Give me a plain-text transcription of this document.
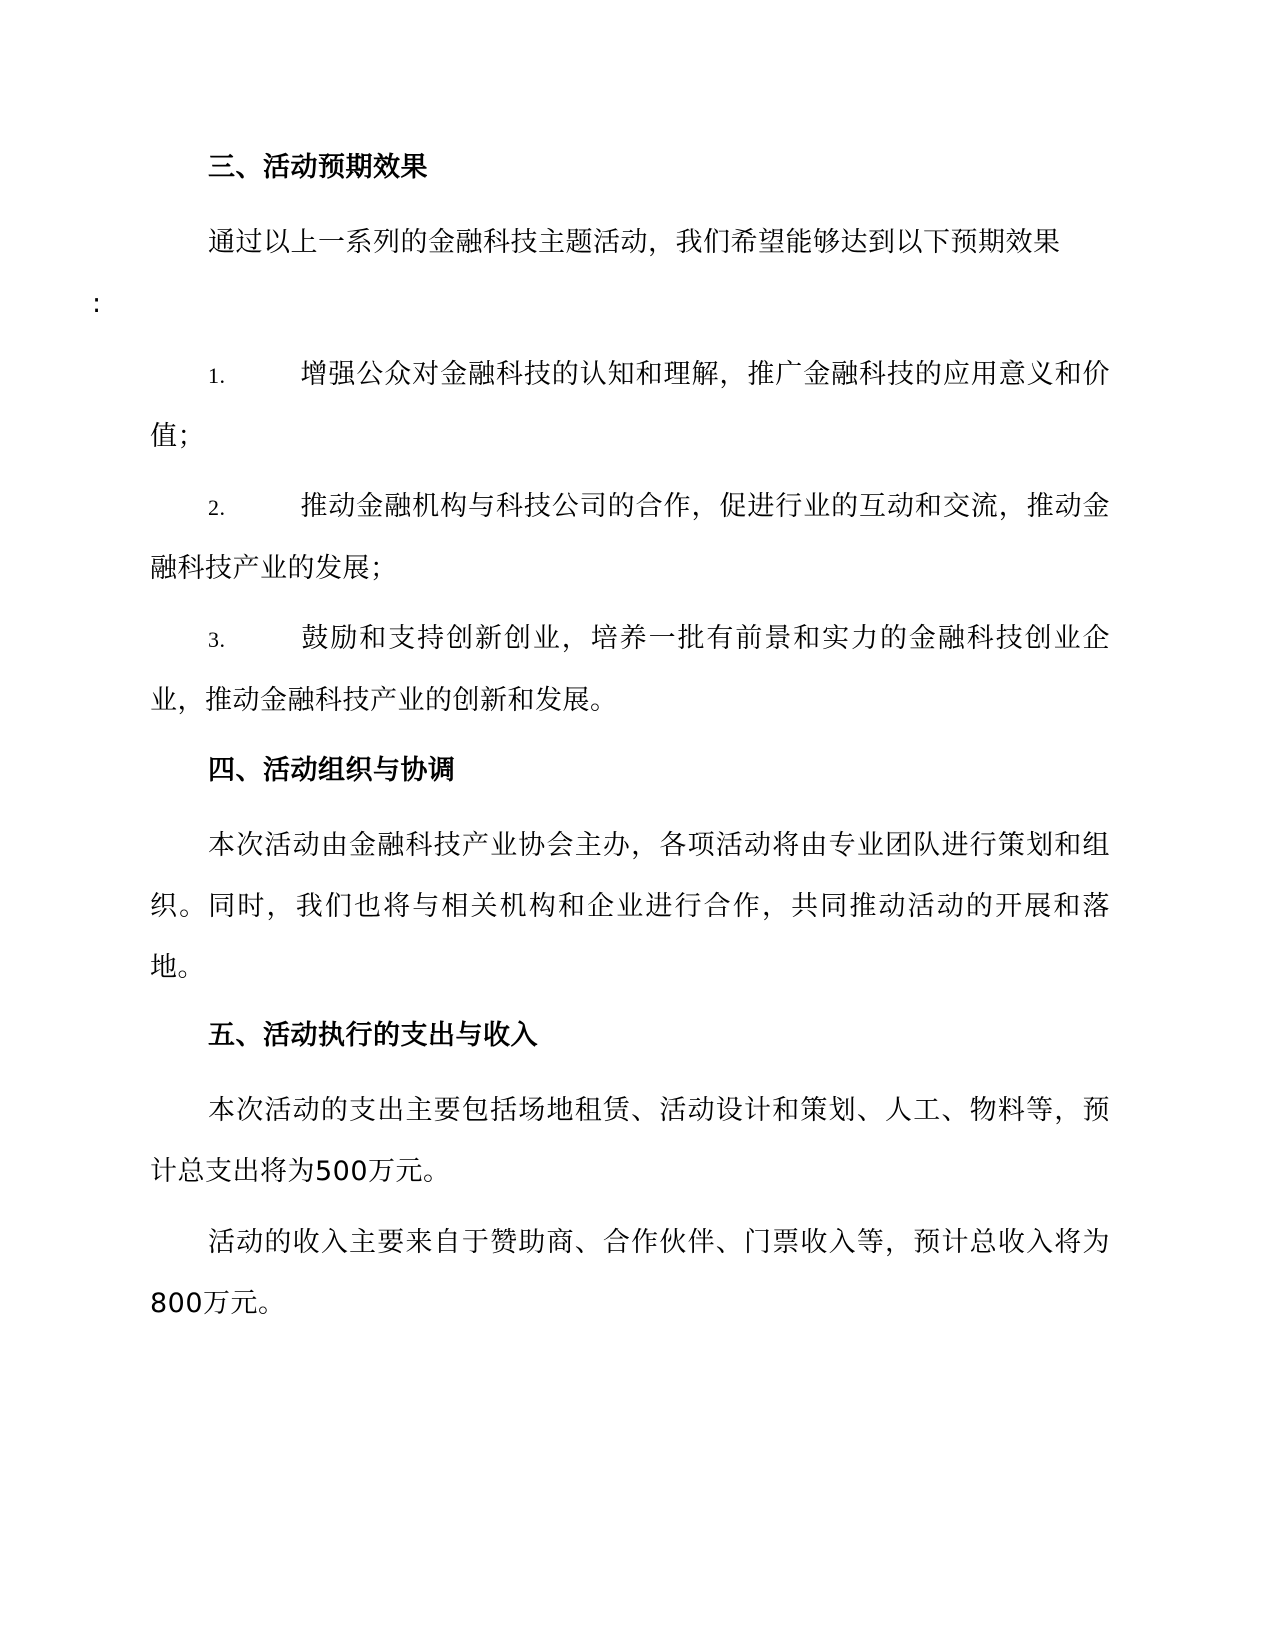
三、活动预期效果

通过以上一系列的金融科技主题活动，我们希望能够达到以下预期效果
:

1.	增强公众对金融科技的认知和理解，推广金融科技的应用意义和价值；

2.	推动金融机构与科技公司的合作，促进行业的互动和交流，推动金融科技产业的发展；

3.	鼓励和支持创新创业，培养一批有前景和实力的金融科技创业企业，推动金融科技产业的创新和发展。

四、活动组织与协调

本次活动由金融科技产业协会主办，各项活动将由专业团队进行策划和组织。同时，我们也将与相关机构和企业进行合作，共同推动活动的开展和落地。

五、活动执行的支出与收入

本次活动的支出主要包括场地租赁、活动设计和策划、人工、物料等，预计总支出将为500万元。

活动的收入主要来自于赞助商、合作伙伴、门票收入等，预计总收入将为800万元。
